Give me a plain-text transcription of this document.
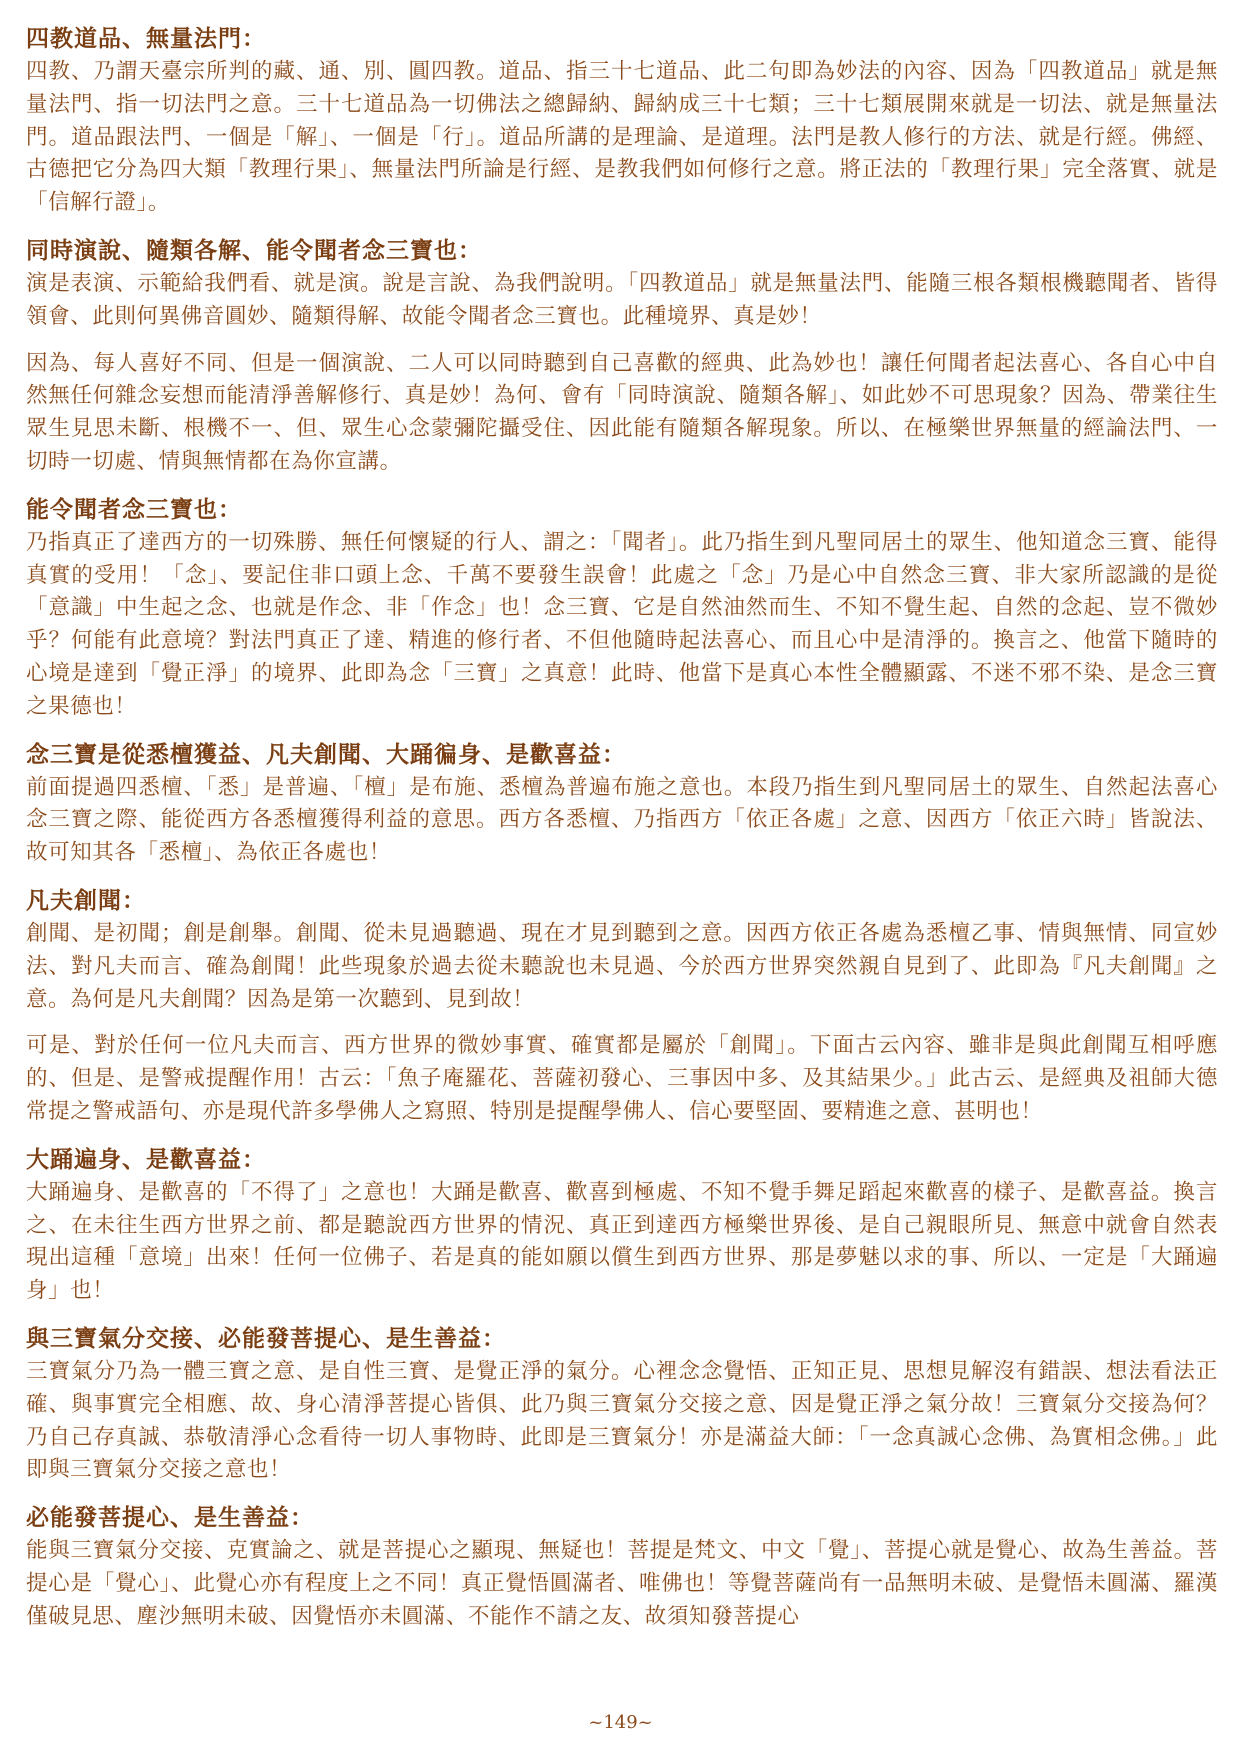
四教道品、無量法門：

四教、乃謂天臺宗所判的藏、通、別、圓四教。道品、指三十七道品、此二句即為妙法的內容、因為「四教道品」就是無量法門、指一切法門之意。三十七道品為一切佛法之總歸納、歸納成三十七類；三十七類展開來就是一切法、就是無量法門。道品跟法門、一個是「解」、一個是「行」。道品所講的是理論、是道理。法門是教人修行的方法、就是行經。佛經、古德把它分為四大類「教理行果」、無量法門所論是行經、是教我們如何修行之意。將正法的「教理行果」完全落實、就是「信解行證」。

同時演說、隨類各解、能令聞者念三寶也：

演是表演、示範給我們看、就是演。說是言說、為我們說明。「四教道品」就是無量法門、能隨三根各類根機聽聞者、皆得領會、此則何異佛音圓妙、隨類得解、故能令聞者念三寶也。此種境界、真是妙！

因為、每人喜好不同、但是一個演說、二人可以同時聽到自己喜歡的經典、此為妙也！讓任何聞者起法喜心、各自心中自然無任何雜念妄想而能清淨善解修行、真是妙！為何、會有「同時演說、隨類各解」、如此妙不可思現象？因為、帶業往生眾生見思未斷、根機不一、但、眾生心念蒙彌陀攝受住、因此能有隨類各解現象。所以、在極樂世界無量的經論法門、一切時一切處、情與無情都在為你宣講。

能令聞者念三寶也：

乃指真正了達西方的一切殊勝、無任何懷疑的行人、謂之：「聞者」。此乃指生到凡聖同居土的眾生、他知道念三寶、能得真實的受用！「念」、要記住非口頭上念、千萬不要發生誤會！此處之「念」乃是心中自然念三寶、非大家所認識的是從「意識」中生起之念、也就是作念、非「作念」也！念三寶、它是自然油然而生、不知不覺生起、自然的念起、豈不微妙乎？何能有此意境？對法門真正了達、精進的修行者、不但他隨時起法喜心、而且心中是清淨的。換言之、他當下隨時的心境是達到「覺正淨」的境界、此即為念「三寶」之真意！此時、他當下是真心本性全體顯露、不迷不邪不染、是念三寶之果德也！

念三寶是從悉檀獲益、凡夫創聞、大踊徧身、是歡喜益：

前面提過四悉檀、「悉」是普遍、「檀」是布施、悉檀為普遍布施之意也。本段乃指生到凡聖同居土的眾生、自然起法喜心念三寶之際、能從西方各悉檀獲得利益的意思。西方各悉檀、乃指西方「依正各處」之意、因西方「依正六時」皆說法、故可知其各「悉檀」、為依正各處也！

凡夫創聞：

創聞、是初聞；創是創舉。創聞、從未見過聽過、現在才見到聽到之意。因西方依正各處為悉檀乙事、情與無情、同宣妙法、對凡夫而言、確為創聞！此些現象於過去從未聽說也未見過、今於西方世界突然親自見到了、此即為『凡夫創聞』之意。為何是凡夫創聞？因為是第一次聽到、見到故！

可是、對於任何一位凡夫而言、西方世界的微妙事實、確實都是屬於「創聞」。下面古云內容、雖非是與此創聞互相呼應的、但是、是警戒提醒作用！古云：「魚子庵羅花、菩薩初發心、三事因中多、及其結果少。」此古云、是經典及祖師大德常提之警戒語句、亦是現代許多學佛人之寫照、特別是提醒學佛人、信心要堅固、要精進之意、甚明也！

大踊遍身、是歡喜益：

大踊遍身、是歡喜的「不得了」之意也！大踊是歡喜、歡喜到極處、不知不覺手舞足蹈起來歡喜的樣子、是歡喜益。換言之、在未往生西方世界之前、都是聽說西方世界的情況、真正到達西方極樂世界後、是自己親眼所見、無意中就會自然表現出這種「意境」出來！任何一位佛子、若是真的能如願以償生到西方世界、那是夢魅以求的事、所以、一定是「大踊遍身」也！

與三寶氣分交接、必能發菩提心、是生善益：

三寶氣分乃為一體三寶之意、是自性三寶、是覺正淨的氣分。心裡念念覺悟、正知正見、思想見解沒有錯誤、想法看法正確、與事實完全相應、故、身心清淨菩提心皆俱、此乃與三寶氣分交接之意、因是覺正淨之氣分故！三寶氣分交接為何？乃自己存真誠、恭敬清淨心念看待一切人事物時、此即是三寶氣分！亦是滿益大師：「一念真誠心念佛、為實相念佛。」此即與三寶氣分交接之意也！

必能發菩提心、是生善益：

能與三寶氣分交接、克實論之、就是菩提心之顯現、無疑也！菩提是梵文、中文「覺」、菩提心就是覺心、故為生善益。菩提心是「覺心」、此覺心亦有程度上之不同！真正覺悟圓滿者、唯佛也！等覺菩薩尚有一品無明未破、是覺悟未圓滿、羅漢僅破見思、塵沙無明未破、因覺悟亦未圓滿、不能作不請之友、故須知發菩提心

~149~
